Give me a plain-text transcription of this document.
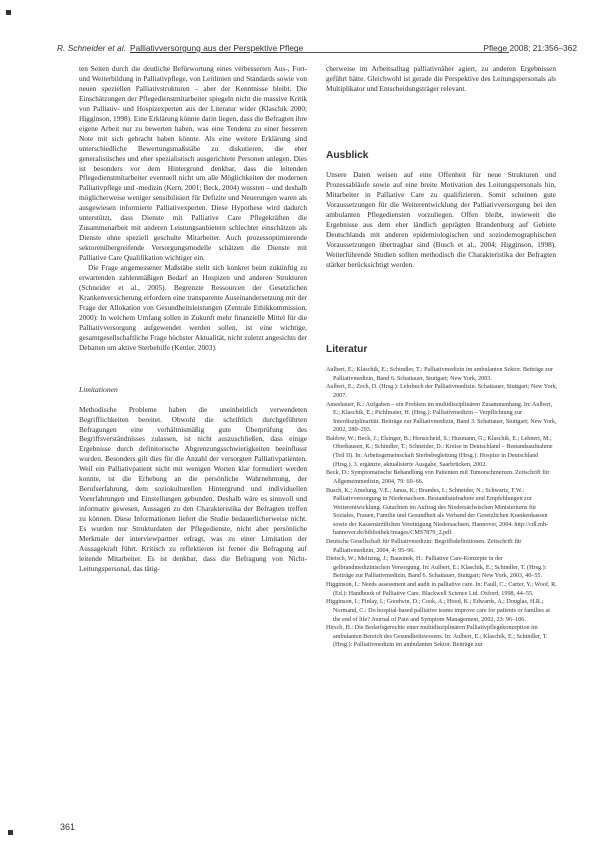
R. Schneider et al. Palliativversorgung aus der Perspektive Pflege	Pflege 2008; 21:356–362

ten Seiten durch die deutliche Befürwortung eines verbesserten Aus-, Fort- und Weiterbildung in Palliativpflege, von Leitlinien und Standards sowie von neuen speziellen Palliativstrukturen – aber der Kenntnisse bleibt. Die Einschätzungen der Pflegedienstmitarbeiter spiegeln nicht die massive Kritik von Palliativ- und Hospizexperten aus der Literatur wider (Klaschik 2000; Higginson, 1998). Eine Erklärung könnte darin liegen, dass die Befragten ihre eigene Arbeit nur zu bewerten haben, was eine Tendenz zu einer besseren Note mit sich gebracht haben könnte. Als eine weitere Erklärung sind unterschiedliche Bewertungsmaßstäbe zu diskutieren, die eher generalistisches und eher spezialistisch ausgerichtete Personen anlegen. Dies ist besonders vor dem Hintergrund denkbar, dass die leitenden Pflegedienstmitarbeiter eventuell nicht um alle Möglichkeiten der modernen Palliativpflege und -medizin (Kern, 2001; Beck, 2004) wussten – und deshalb möglicherweise weniger sensibilisiert für Defizite und Neuerungen waren als ausgewiesen informierte Palliativexperten. Diese Hypothese wird dadurch unterstützt, dass Dienste mit Palliative Care Pflegekräften die Zusammenarbeit mit anderen Leistungsanbietern schlechter einschätzen als Dienste ohne speziell geschulte Mitarbeiter. Auch prozessoptimierende sektorenübergreifende Versorgungsmodelle schätzen die Dienste mit Palliative Care Qualifikation wichtiger ein.

Die Frage angemessener Maßstäbe stellt sich konkret beim zukünftig zu erwartenden zahlenmäßigen Bedarf an Hospizen und anderen Strukturen (Schneider et al., 2005). Begrenzte Ressourcen der Gesetzlichen Krankenversicherung erfordern eine transparente Auseinandersetzung mit der Frage der Allokation von Gesundheitsleistungen (Zentrale Ethikkommission, 2000): In welchem Umfang sollen in Zukunft mehr finanzielle Mittel für die Palliativversorgung aufgewendet werden sollen, ist eine wichtige, gesamtgesellschaftliche Frage höchster Aktualität, nicht zuletzt angesichts der Debatten um aktive Sterbehilfe (Kettler, 2003).

Limitationen

Methodische Probleme haben die uneinheitlich verwendeten Begrifflichkeiten bereitet. Obwohl die schriftlich durchgeführten Befragungen eine verhältnismäßig gute Überprüfung des Begriffsverständnisses zulassen, ist nicht auszuschließen, dass einige Ergebnisse durch definitorische Abgrenzungsschwierigkeiten beeinflusst wurden. Besonders gilt dies für die Anzahl der versorgten Palliativpatienten. Weil ein Palliativpatient nicht mit wenigen Worten klar formuliert werden konnte, ist die Erhebung an die persönliche Wahrnehmung, der Berufserfahrung, dem soziokulturellen Hintergrund und individuellen Vorerfahrungen und Einstellungen gebunden. Deshalb wäre es sinnvoll und informativ gewesen, Aussagen zu den Charakteristika der Befragten treffen zu können. Diese Informationen liefert die Studie bedauerlicherweise nicht. Es wurden nur Strukturdaten der Pflegedienste, nicht aber persönliche Merkmale der interviewpartner erfragt, was zu einer Limitation der Aussagekraft führt. Kritisch zu reflektieren ist ferner die Befragung auf leitende Mitarbeiter. Es ist denkbar, dass die Befragung von Nicht-Leitungspersonal, das tätig-

cherweise im Arbeitsalltag palliativnäher agiert, zu anderen Ergebnissen geführt hätte. Gleichwohl ist gerade die Perspektive des Leitungspersonals als Multiplikator und Entscheidungsträger relevant.

Ausblick

Unsere Daten weisen auf eine Offenheit für neue Strukturen und Prozessabläufe sowie auf eine breite Motivation des Leitungspersonals hin, Mitarbeiter in Palliative Care zu qualifizieren. Somit scheinen gute Voraussetzungen für die Weiterentwicklung der Palliativversorgung bei den ambulanten Pflegediensten vorzuliegen. Offen bleibt, inwieweit die Ergebnisse aus dem eher ländlich geprägten Brandenburg auf Gebiete Deutschlands mit anderen epidemiologischen und soziodemographischen Voraussetzungen übertragbar sind (Busch et al., 2004; Higginson, 1998). Weiterführende Studien sollten methodisch die Charakteristika der Befragten stärker berücksichtigt werden.

Literatur

Aulbert, E.; Klaschik, E.; Schindler, T.: Palliativmedizin im ambulanten Sektor. Beiträge zur Palliativmedizin, Band 6. Schattauer, Stuttgart; New York, 2003.

Aulbert, E.; Zech, D. (Hrsg.): Lehrbuch der Palliativmedizin. Schattauer, Stuttgart; New York, 2007.

Amesbauer, K.: Aufgaben – ein Problem im multidisziplinären Zusammenhang. In: Aulbert, E.; Klaschik, E.; Pichlmaier, H. (Hrsg.): Palliativmedizin – Verpflichtung zur Interdisziplinarität. Beiträge zur Palliativmedizin, Band 3. Schattauer, Stuttgart; New York, 2002, 280–293.

Baldow, W.; Beck, J.; Elsinger, B.; Hensicheid, S.; Husmann, G.; Klaschik, E.; Lehnert, M.; Oberhausen, K.; Schindler, T.; Schneider, D.: Kreise in Deutschland – Bestandsaufnahme (Teil II). In: Arbeitsgemeinschaft Sterbebegleitung (Hrsg.): Hospize in Deutschland (Hrsg.). 3. ergänzte, aktualisierte Ausgabe, Saarbrücken, 2002.

Beck, D.: Symptomatische Behandlung von Patienten mit Tumorschmerzen. Zeitschrift für Allgemeinmedizin, 2004, 79: 60–66.

Busch, K.; Amelung, V.E.; Janus, K.; Brandes, I.; Schneider, N.; Schwartz, F.W.: Palliativversorgung in Niedersachsen. Bestandsaufnahme und Empfehlungen zur Weiterentwicklung. Gutachten im Auftrag des Niedersächsischen Ministeriums für Soziales, Frauen, Familie und Gesundheit als Verband der Gesetzlichen Krankenkassen sowie der Kassenärztlichen Vereinigung Niedersachsen. Hannover, 2004. http://cdl.mh-hannover.de/bibliothek/images/CMS7879_2.pdf

Deutsche Gesellschaft für Palliativmedizin: Begriffsdefinitionen. Zeitschrift für Palliativmedizin, 2004, 4: 95–96.

Dietsch, W.; Meltzing, J.; Bausinek, H.: Palliative Care-Konzepte in der gelbrandmedizinischen Versorgung. In: Aulbert, E.; Klaschik, E.; Schindler, T. (Hrsg.): Beiträge zur Palliativmedizin, Band 6. Schattauer, Stuttgart; New York, 2003, 40–55.

Higginson, I.: Needs assessment and audit in palliative care. In: Faull, C.; Carter, Y.; Woof, R. (Ed.): Handbook of Palliative Care. Blackwell Science Ltd. Oxford, 1998, 44–55.

Higginson, I.; Finlay, I.; Goodwin, D.; Cook, A.; Hood, K.; Edwards, A.; Douglas, H.R.; Normand, C.: Do hospital-based palliative teams improve care for patients or families at the end of life? Journal of Pain and Symptom Management, 2002, 23: 96–106.

Hirsch, H.: Die Bedarfsgerechte einer multidisziplinären Palliativpflegekonzeption im ambulanten Bereich des Gesundheitswesens. In: Aulbert, E.; Klaschik, E.; Schindler, T. (Hrsg.): Palliativmedizin im ambulanten Sektor. Beiträge zur

361
